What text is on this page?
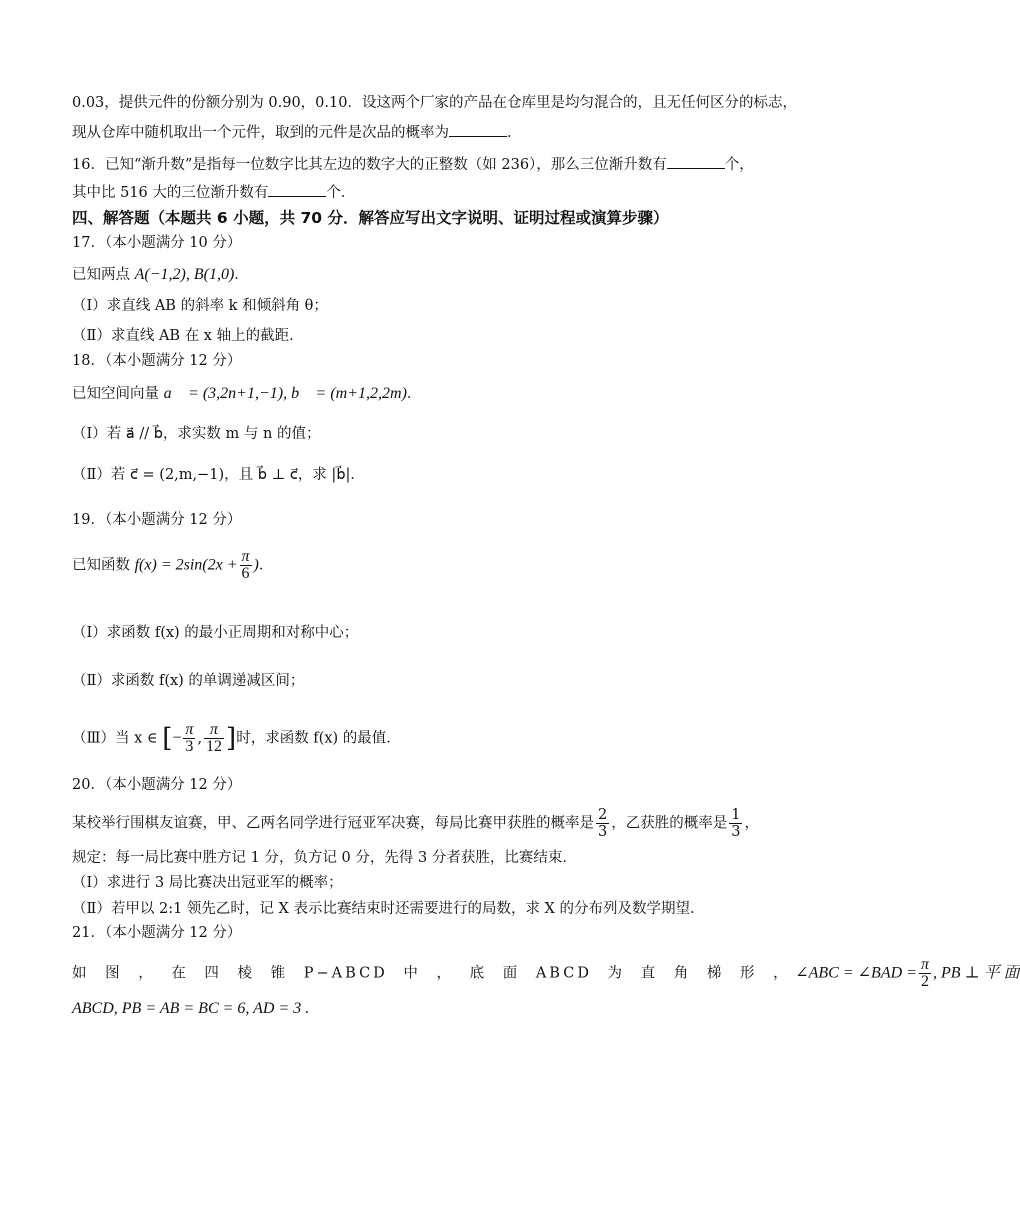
0.03，提供元件的份额分别为 0.90，0.10．设这两个厂家的产品在仓库里是均匀混合的，且无任何区分的标志，
现从仓库中随机取出一个元件，取到的元件是次品的概率为	．
16．已知“渐升数”是指每一位数字比其左边的数字大的正整数（如 236），那么三位渐升数有	个，
其中比 516 大的三位渐升数有	个．
四、解答题（本题共 6 小题，共 70 分．解答应写出文字说明、证明过程或演算步骤）
17．（本小题满分 10 分）
已知两点 A(−1,2), B(1,0)．
（Ⅰ）求直线 AB 的斜率 k 和倾斜角 θ；
（Ⅱ）求直线 AB 在 x 轴上的截距．
18．（本小题满分 12 分）
已知空间向量 a⃗ = (3,2n+1,−1), b⃗ = (m+1,2,2m)．
（Ⅰ）若 a⃗ // b⃗，求实数 m 与 n 的值；
（Ⅱ）若 c⃗ = (2,m,−1)，且 b⃗ ⊥ c⃗，求 |b⃗|．
19．（本小题满分 12 分）
已知函数 $f(x) = 2\sin(2x + \frac{\pi}{6}$ )．
（Ⅰ）求函数 f(x) 的最小正周期和对称中心；
（Ⅱ）求函数 f(x) 的单调递减区间；
（Ⅲ）当 x ∈ [− $\frac{\pi}{3}$ , $\frac{\pi}{12}$ ]时，求函数 f(x) 的最值．
20．（本小题满分 12 分）
某校举行围棋友谊赛，甲、乙两名同学进行冠亚军决赛，每局比赛甲获胜的概率是 $\frac{2}{3}$ ，乙获胜的概率是 $\frac{1}{3}$ ，
规定：每一局比赛中胜方记 1 分，负方记 0 分，先得 3 分者获胜，比赛结束．
（Ⅰ）求进行 3 局比赛决出冠亚军的概率；
（Ⅱ）若甲以 2:1 领先乙时，记 X 表示比赛结束时还需要进行的局数，求 X 的分布列及数学期望．
21．（本小题满分 12 分）
如 图 ， 在 四 棱 锥 P−ABCD 中 ， 底 面 ABCD 为 直 角 梯 形 ， ∠ABC = ∠BAD = $\frac{\pi}{2}$ , PB ⊥ 平 面
ABCD, PB = AB = BC = 6, AD = 3 .
